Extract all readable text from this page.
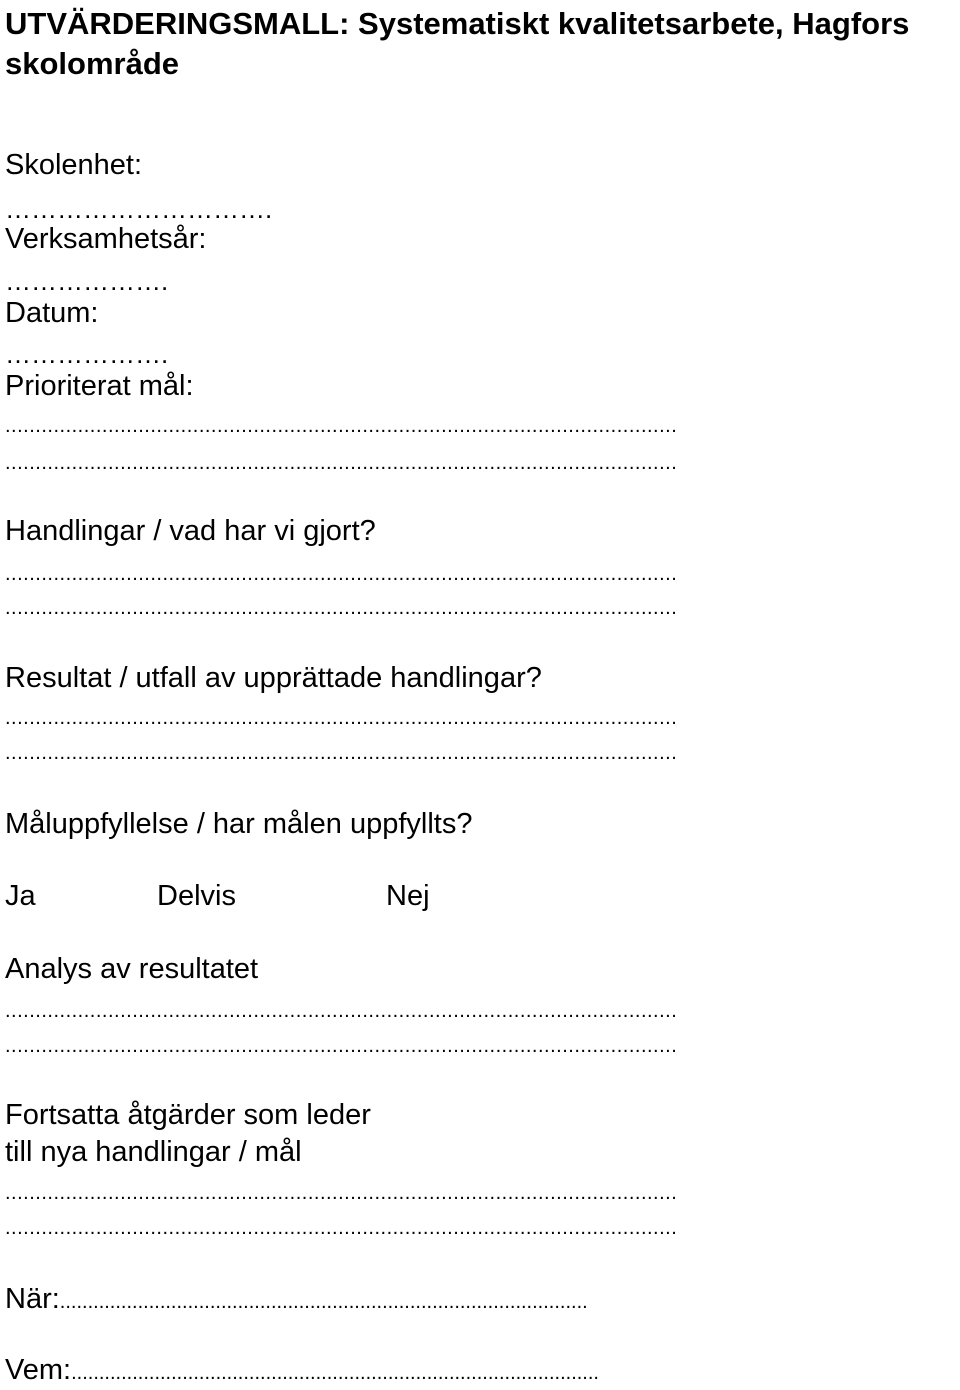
UTVÄRDERINGSMALL: Systematiskt kvalitetsarbete, Hagfors skolområde
Skolenhet:
………………………….
Verksamhetsår:
……………….
Datum:
……………….
Prioriterat mål:
...............................................................................................................
...............................................................................................................
Handlingar / vad har vi gjort?
...............................................................................................................
...............................................................................................................
Resultat / utfall av upprättade handlingar?
...............................................................................................................
...............................................................................................................
Måluppfyllelse / har målen uppfyllts?
Ja	Delvis	Nej
Analys av resultatet
...............................................................................................................
...............................................................................................................
Fortsatta åtgärder som leder
till nya handlingar / mål
...............................................................................................................
...............................................................................................................
När:...............................................................................................
Vem:...............................................................................................
